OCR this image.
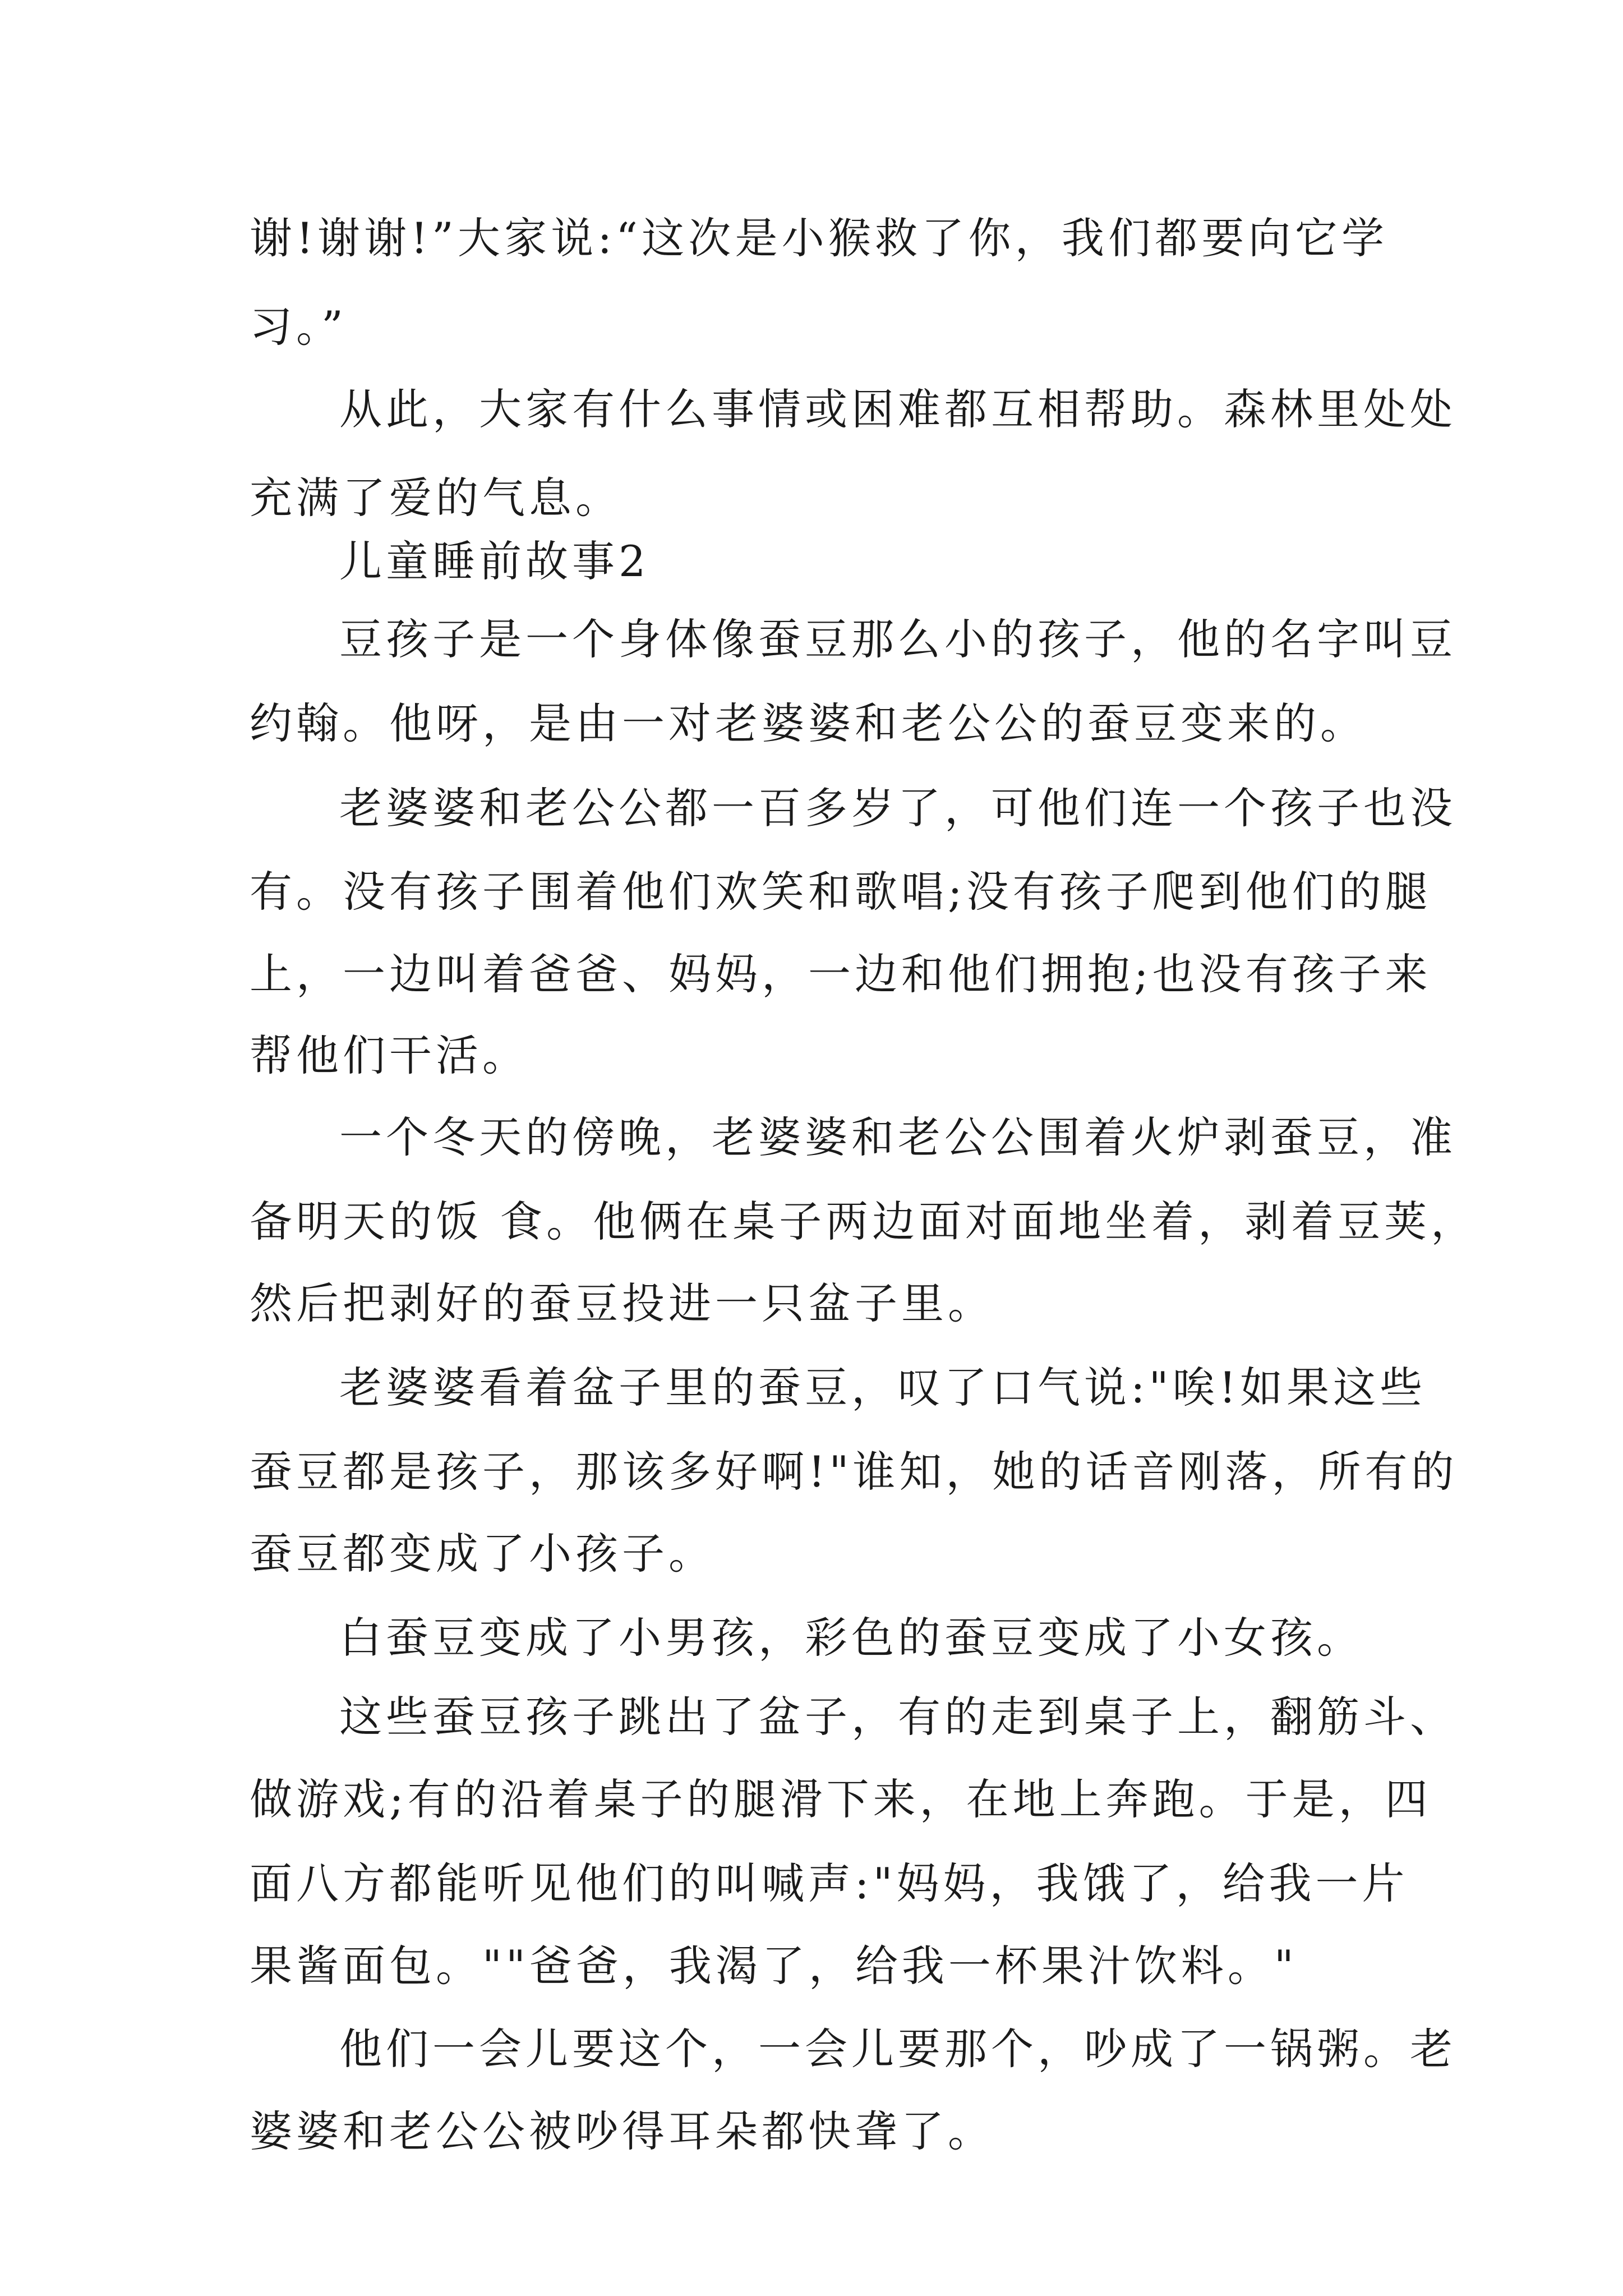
谢!谢谢!”大家说:“这次是小猴救了你，我们都要向它学
习。”
从此，大家有什么事情或困难都互相帮助。森林里处处
充满了爱的气息。
儿童睡前故事2
豆孩子是一个身体像蚕豆那么小的孩子，他的名字叫豆
约翰。他呀，是由一对老婆婆和老公公的蚕豆变来的。
老婆婆和老公公都一百多岁了，可他们连一个孩子也没
有。没有孩子围着他们欢笑和歌唱;没有孩子爬到他们的腿
上，一边叫着爸爸、妈妈，一边和他们拥抱;也没有孩子来
帮他们干活。
一个冬天的傍晚，老婆婆和老公公围着火炉剥蚕豆，准
备明天的饭 食。他俩在桌子两边面对面地坐着，剥着豆荚，
然后把剥好的蚕豆投进一只盆子里。
老婆婆看着盆子里的蚕豆，叹了口气说:"唉!如果这些
蚕豆都是孩子，那该多好啊!"谁知，她的话音刚落，所有的
蚕豆都变成了小孩子。
白蚕豆变成了小男孩，彩色的蚕豆变成了小女孩。
这些蚕豆孩子跳出了盆子，有的走到桌子上，翻筋斗、
做游戏;有的沿着桌子的腿滑下来，在地上奔跑。于是，四
面八方都能听见他们的叫喊声:"妈妈，我饿了，给我一片
果酱面包。""爸爸，我渴了，给我一杯果汁饮料。"
他们一会儿要这个，一会儿要那个，吵成了一锅粥。老
婆婆和老公公被吵得耳朵都快聋了。
